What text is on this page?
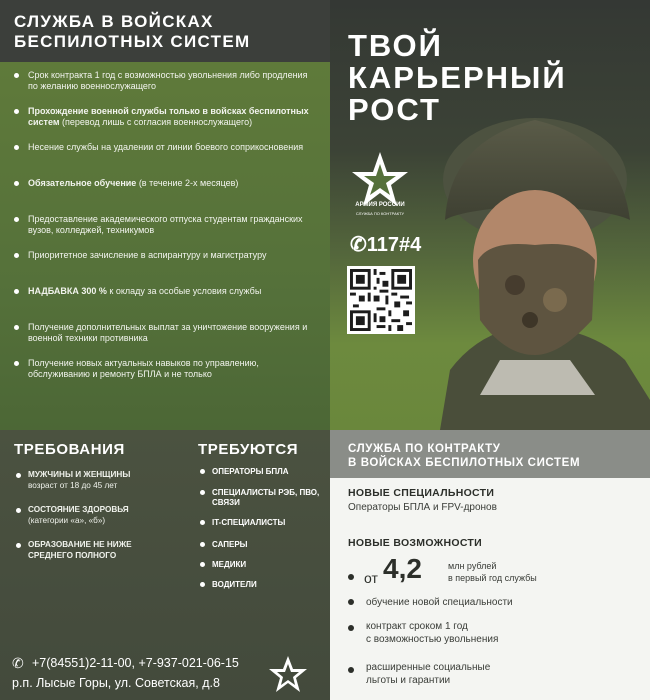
СЛУЖБА В ВОЙСКАХ
БЕСПИЛОТНЫХ СИСТЕМ
Срок контракта 1 год с возможностью увольнения либо продления по желанию военнослужащего
Прохождение военной службы только в войсках беспилотных систем (перевод лишь с согласия военнослужащего)
Несение службы на удалении от линии боевого соприкосновения
Обязательное обучение (в течение 2-х месяцев)
Предоставление академического отпуска студентам гражданских вузов, колледжей, техникумов
Приоритетное зачисление в аспирантуру и магистратуру
НАДБАВКА 300 % к окладу за особые условия службы
Получение дополнительных выплат за уничтожение вооружения и военной техники противника
Получение новых актуальных навыков по управлению, обслуживанию и ремонту БПЛА и не только
ТВОЙ
КАРЬЕРНЫЙ
РОСТ
АРМИЯ РОССИИ
СЛУЖБА ПО КОНТРАКТУ
✆117#4
ТРЕБОВАНИЯ
МУЖЧИНЫ И ЖЕНЩИНЫ
возраст от 18 до 45 лет
СОСТОЯНИЕ ЗДОРОВЬЯ
(категории «а», «б»)
ОБРАЗОВАНИЕ НЕ НИЖЕ СРЕДНЕГО ПОЛНОГО
ТРЕБУЮТСЯ
ОПЕРАТОРЫ БПЛА
СПЕЦИАЛИСТЫ РЭБ, ПВО, СВЯЗИ
IT-СПЕЦИАЛИСТЫ
САПЕРЫ
МЕДИКИ
ВОДИТЕЛИ
✆ +7(84551)2-11-00, +7-937-021-06-15
р.п. Лысые Горы, ул. Советская, д.8
СЛУЖБА ПО КОНТРАКТУ
В ВОЙСКАХ БЕСПИЛОТНЫХ СИСТЕМ
НОВЫЕ СПЕЦИАЛЬНОСТИ
Операторы БПЛА и FPV-дронов
НОВЫЕ ВОЗМОЖНОСТИ
от 4,2	млн рублей
в первый год службы
обучение новой специальности
контракт сроком 1 год
с возможностью увольнения
расширенные социальные
льготы и гарантии
